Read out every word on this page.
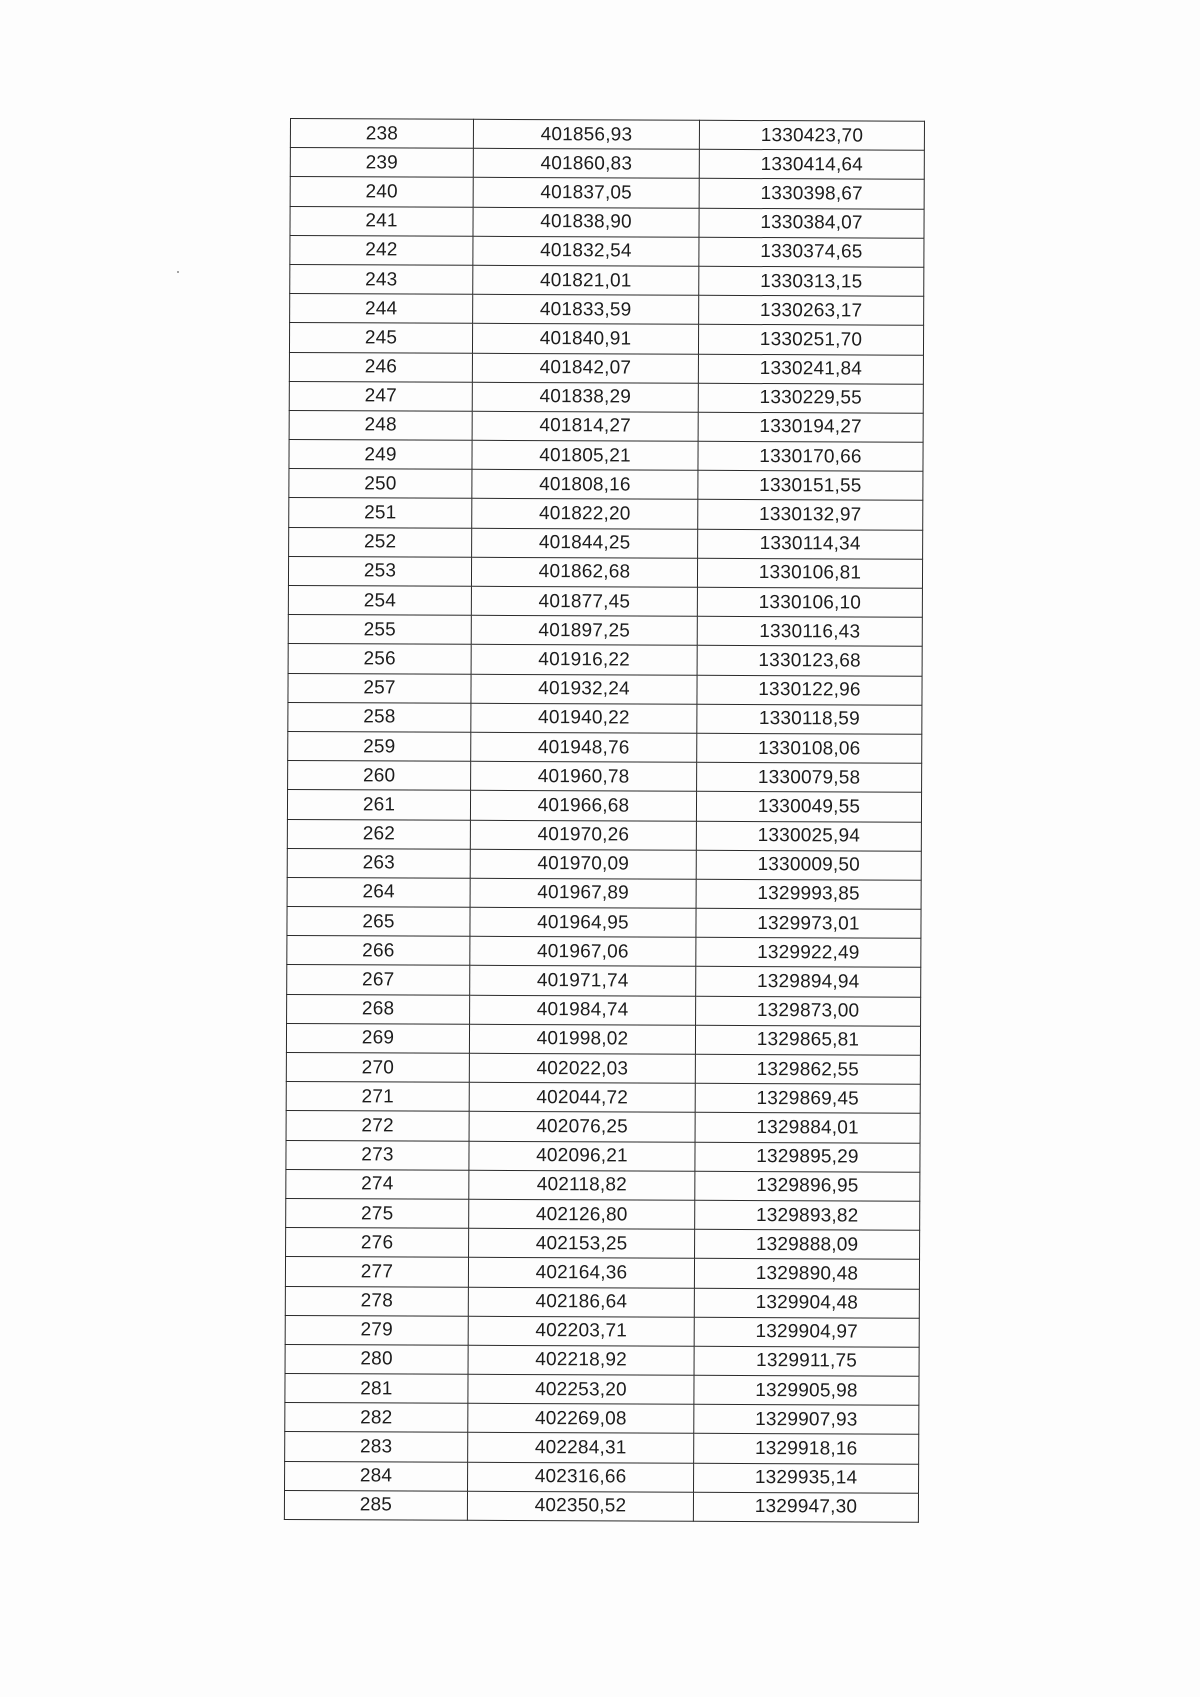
238	401856,93	1330423,70
239	401860,83	1330414,64
240	401837,05	1330398,67
241	401838,90	1330384,07
242	401832,54	1330374,65
243	401821,01	1330313,15
244	401833,59	1330263,17
245	401840,91	1330251,70
246	401842,07	1330241,84
247	401838,29	1330229,55
248	401814,27	1330194,27
249	401805,21	1330170,66
250	401808,16	1330151,55
251	401822,20	1330132,97
252	401844,25	1330114,34
253	401862,68	1330106,81
254	401877,45	1330106,10
255	401897,25	1330116,43
256	401916,22	1330123,68
257	401932,24	1330122,96
258	401940,22	1330118,59
259	401948,76	1330108,06
260	401960,78	1330079,58
261	401966,68	1330049,55
262	401970,26	1330025,94
263	401970,09	1330009,50
264	401967,89	1329993,85
265	401964,95	1329973,01
266	401967,06	1329922,49
267	401971,74	1329894,94
268	401984,74	1329873,00
269	401998,02	1329865,81
270	402022,03	1329862,55
271	402044,72	1329869,45
272	402076,25	1329884,01
273	402096,21	1329895,29
274	402118,82	1329896,95
275	402126,80	1329893,82
276	402153,25	1329888,09
277	402164,36	1329890,48
278	402186,64	1329904,48
279	402203,71	1329904,97
280	402218,92	1329911,75
281	402253,20	1329905,98
282	402269,08	1329907,93
283	402284,31	1329918,16
284	402316,66	1329935,14
285	402350,52	1329947,30
